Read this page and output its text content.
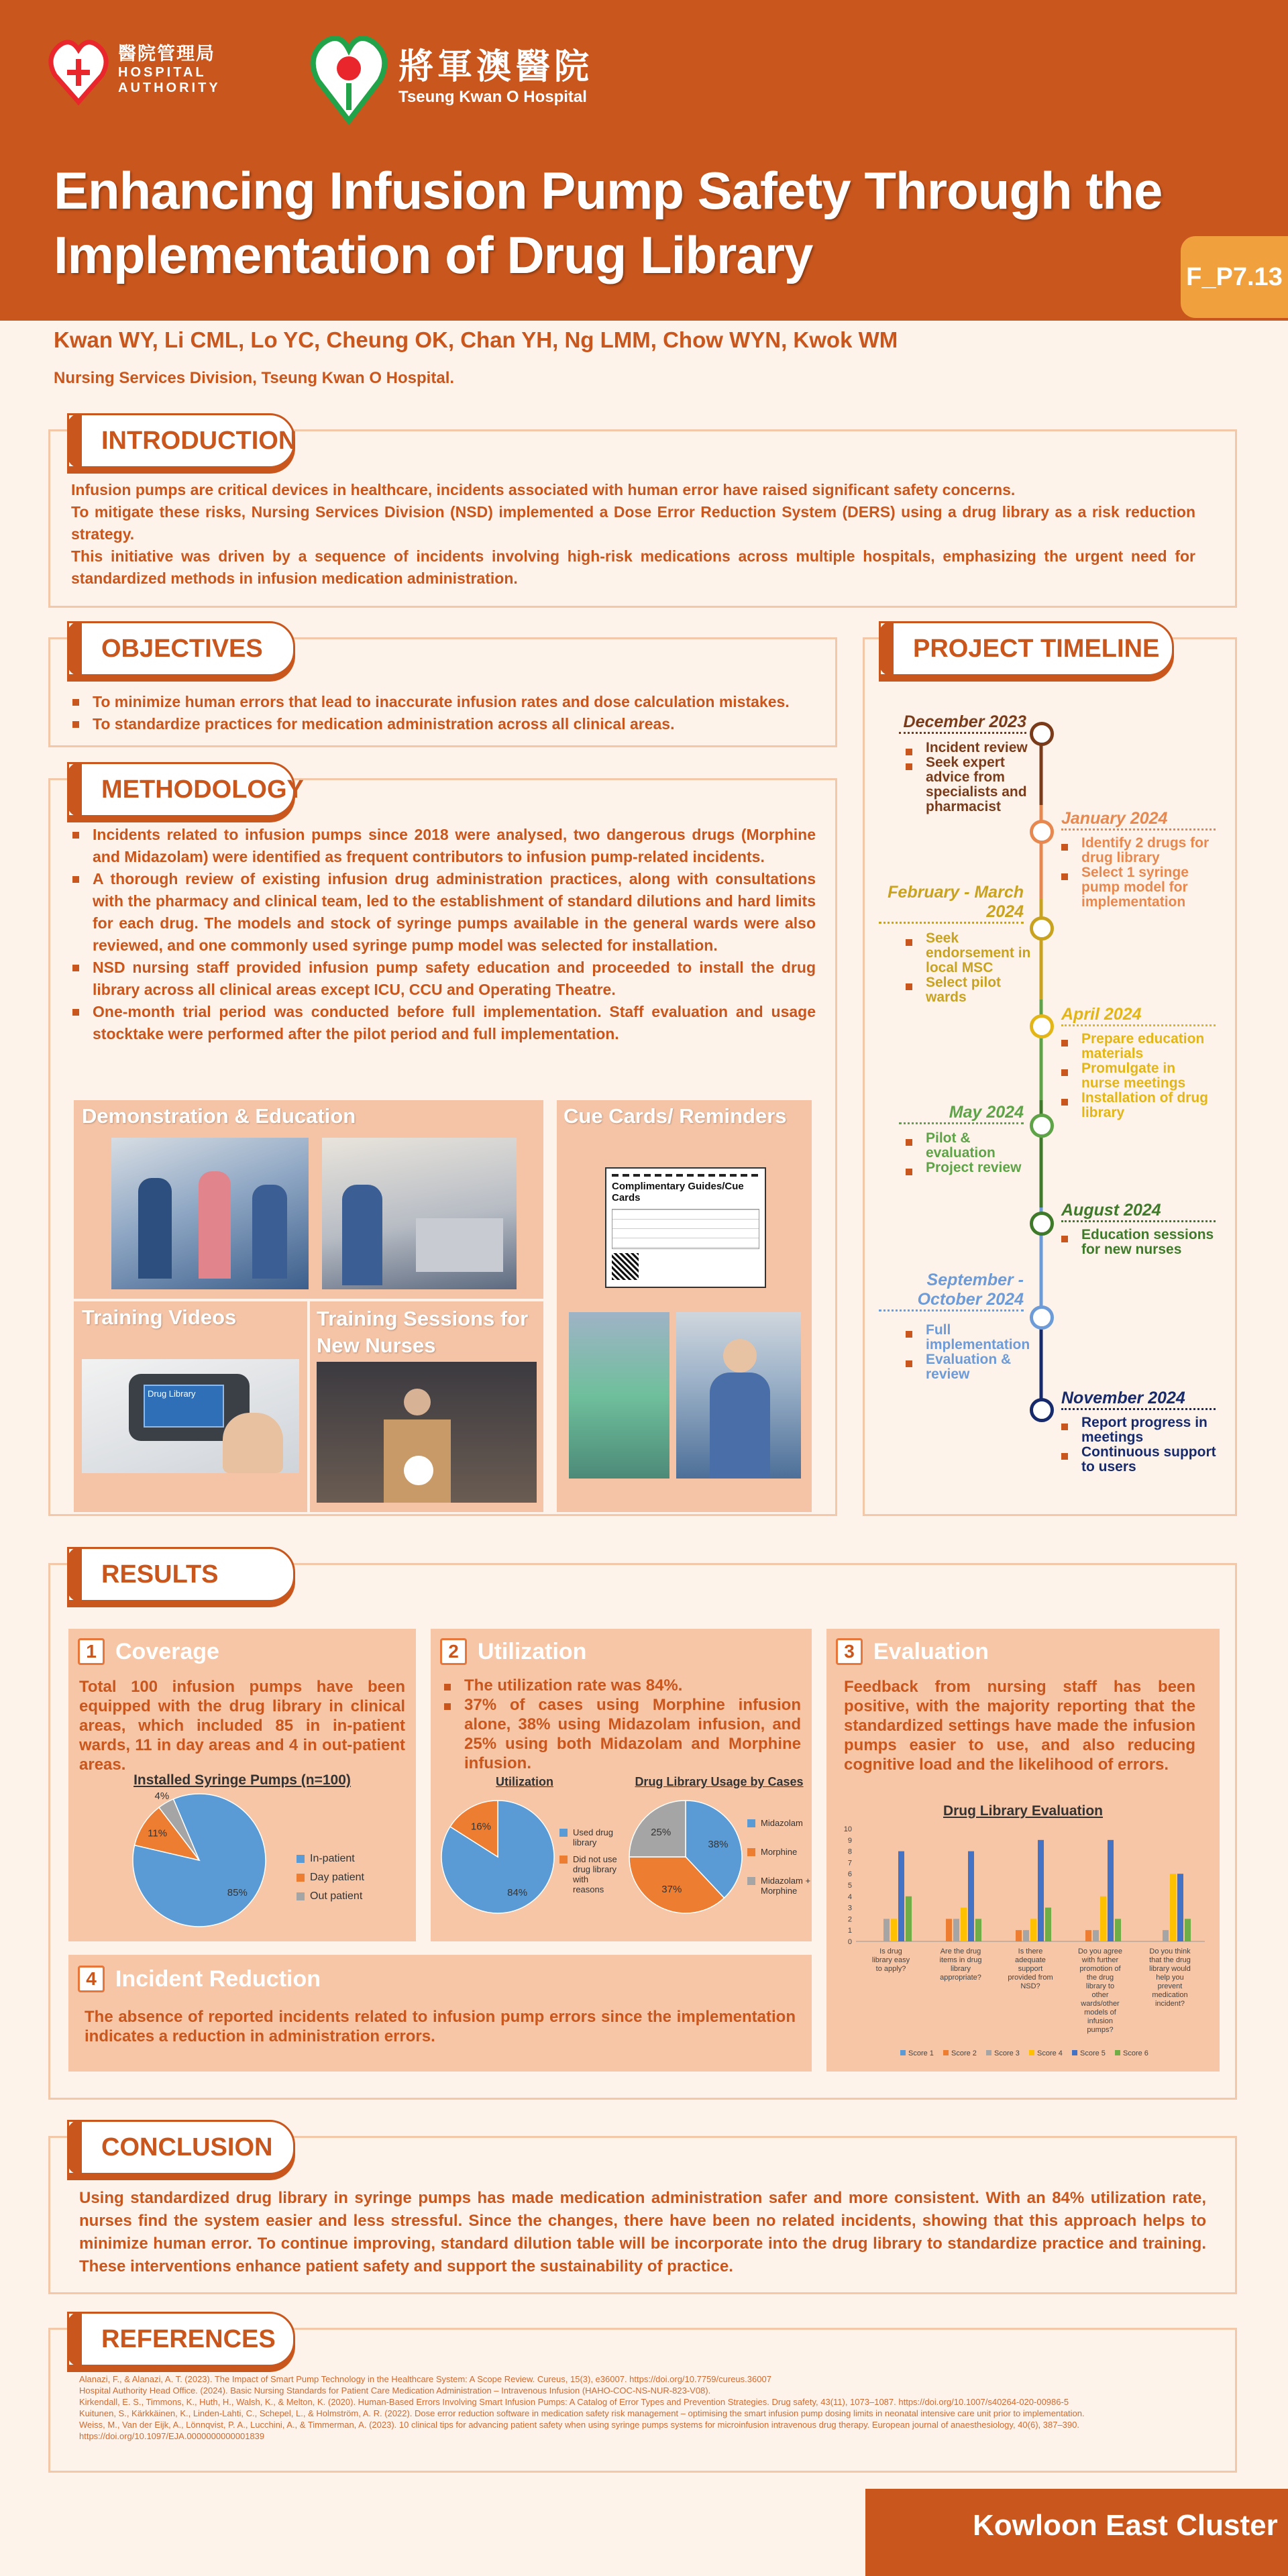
醫院管理局
HOSPITAL
AUTHORITY
將軍澳醫院
Tseung Kwan O Hospital
Enhancing Infusion Pump Safety Through the
Implementation of Drug Library	F_P7.13
Kwan WY, Li CML, Lo YC, Cheung OK, Chan YH, Ng LMM, Chow WYN, Kwok WM
Nursing Services Division, Tseung Kwan O Hospital.
INTRODUCTION
Infusion pumps are critical devices in healthcare, incidents associated with human error have raised significant safety concerns.
To mitigate these risks, Nursing Services Division (NSD) implemented a Dose Error Reduction System (DERS) using a drug library as a risk reduction strategy.
This initiative was driven by a sequence of incidents involving high-risk medications across multiple hospitals, emphasizing the urgent need for standardized methods in infusion medication administration.
OBJECTIVES
To minimize human errors that lead to inaccurate infusion rates and dose calculation mistakes.
To standardize practices for medication administration across all clinical areas.
METHODOLOGY
Incidents related to infusion pumps since 2018 were analysed, two dangerous drugs (Morphine and Midazolam) were identified as frequent contributors to infusion pump-related incidents.
A thorough review of existing infusion drug administration practices, along with consultations with the pharmacy and clinical team, led to the establishment of standard dilutions and hard limits for each drug. The models and stock of syringe pumps available in the general wards were also reviewed, and one commonly used syringe pump model was selected for installation.
NSD nursing staff provided infusion pump safety education and proceeded to install the drug library across all clinical areas except ICU, CCU and Operating Theatre.
One-month trial period was conducted before full implementation. Staff evaluation and usage stocktake were performed after the pilot period and full implementation.
Demonstration & Education	Cue Cards/ Reminders
Complimentary Guides/Cue Cards
Training Videos
Drug Library
Training Sessions for New Nurses
PROJECT TIMELINE
December 2023
Incident review
Seek expert advice from specialists and pharmacist
January 2024
Identify 2 drugs for drug library
Select 1 syringe pump model for implementation
February - March 2024
Seek endorsement in local MSC
Select pilot wards
April 2024
Prepare education materials
Promulgate in nurse meetings
Installation of drug library
May 2024
Pilot & evaluation
Project review
August 2024
Education sessions for new nurses
September - October 2024
Full implementation
Evaluation & review
November 2024
Report progress in meetings
Continuous support to users
RESULTS
1 Coverage
Total 100 infusion pumps have been equipped with the drug library in clinical areas, which included 85 in in-patient wards, 11 in day areas and 4 in out-patient areas.
Installed Syringe Pumps (n=100)
85%
11%
4%
In-patient
Day patient
Out patient
2 Utilization
The utilization rate was 84%.
37% of cases using Morphine infusion alone, 38% using Midazolam infusion, and 25% using both Midazolam and Morphine infusion.
Utilization	Drug Library Usage by Cases
84%
16%
Used drug library
Did not use drug library with reasons
38%
37%
25%
Midazolam
Morphine
Midazolam + Morphine
3 Evaluation
Feedback from nursing staff has been positive, with the majority reporting that the standardized settings have made the infusion pumps easier to use, and also reducing cognitive load and the likelihood of errors.
Drug Library Evaluation
0
1
2
3
4
5
6
7
8
9
10
Is drug library easy to apply?
Are the drug items in drug library appropriate?
Is there adequate support provided from NSD?
Do you agree with further promotion of the drug library to other wards/other models of infusion pumps?
Do you think that the drug library would help you prevent medication incident?
Score 1 Score 2 Score 3 Score 4 Score 5 Score 6
4 Incident Reduction
The absence of reported incidents related to infusion pump errors since the implementation indicates a reduction in administration errors.
CONCLUSION
Using standardized drug library in syringe pumps has made medication administration safer and more consistent. With an 84% utilization rate, nurses find the system easier and less stressful. Since the changes, there have been no related incidents, showing that this approach helps to minimize human error. To continue improving, standard dilution table will be incorporate into the drug library to standardize practice and training. These interventions enhance patient safety and support the sustainability of practice.
REFERENCES
Alanazi, F., & Alanazi, A. T. (2023). The Impact of Smart Pump Technology in the Healthcare System: A Scope Review. Cureus, 15(3), e36007. https://doi.org/10.7759/cureus.36007
Hospital Authority Head Office. (2024). Basic Nursing Standards for Patient Care Medication Administration – Intravenous Infusion (HAHO-COC-NS-NUR-823-V08).
Kirkendall, E. S., Timmons, K., Huth, H., Walsh, K., & Melton, K. (2020). Human-Based Errors Involving Smart Infusion Pumps: A Catalog of Error Types and Prevention Strategies. Drug safety, 43(11), 1073–1087. https://doi.org/10.1007/s40264-020-00986-5
Kuitunen, S., Kärkkäinen, K., Linden-Lahti, C., Schepel, L., & Holmström, A. R. (2022). Dose error reduction software in medication safety risk management – optimising the smart infusion pump dosing limits in neonatal intensive care unit prior to implementation.
Weiss, M., Van der Eijk, A., Lönnqvist, P. A., Lucchini, A., & Timmerman, A. (2023). 10 clinical tips for advancing patient safety when using syringe pumps systems for microinfusion intravenous drug therapy. European journal of anaesthesiology, 40(6), 387–390. https://doi.org/10.1097/EJA.0000000000001839
Kowloon East Cluster
